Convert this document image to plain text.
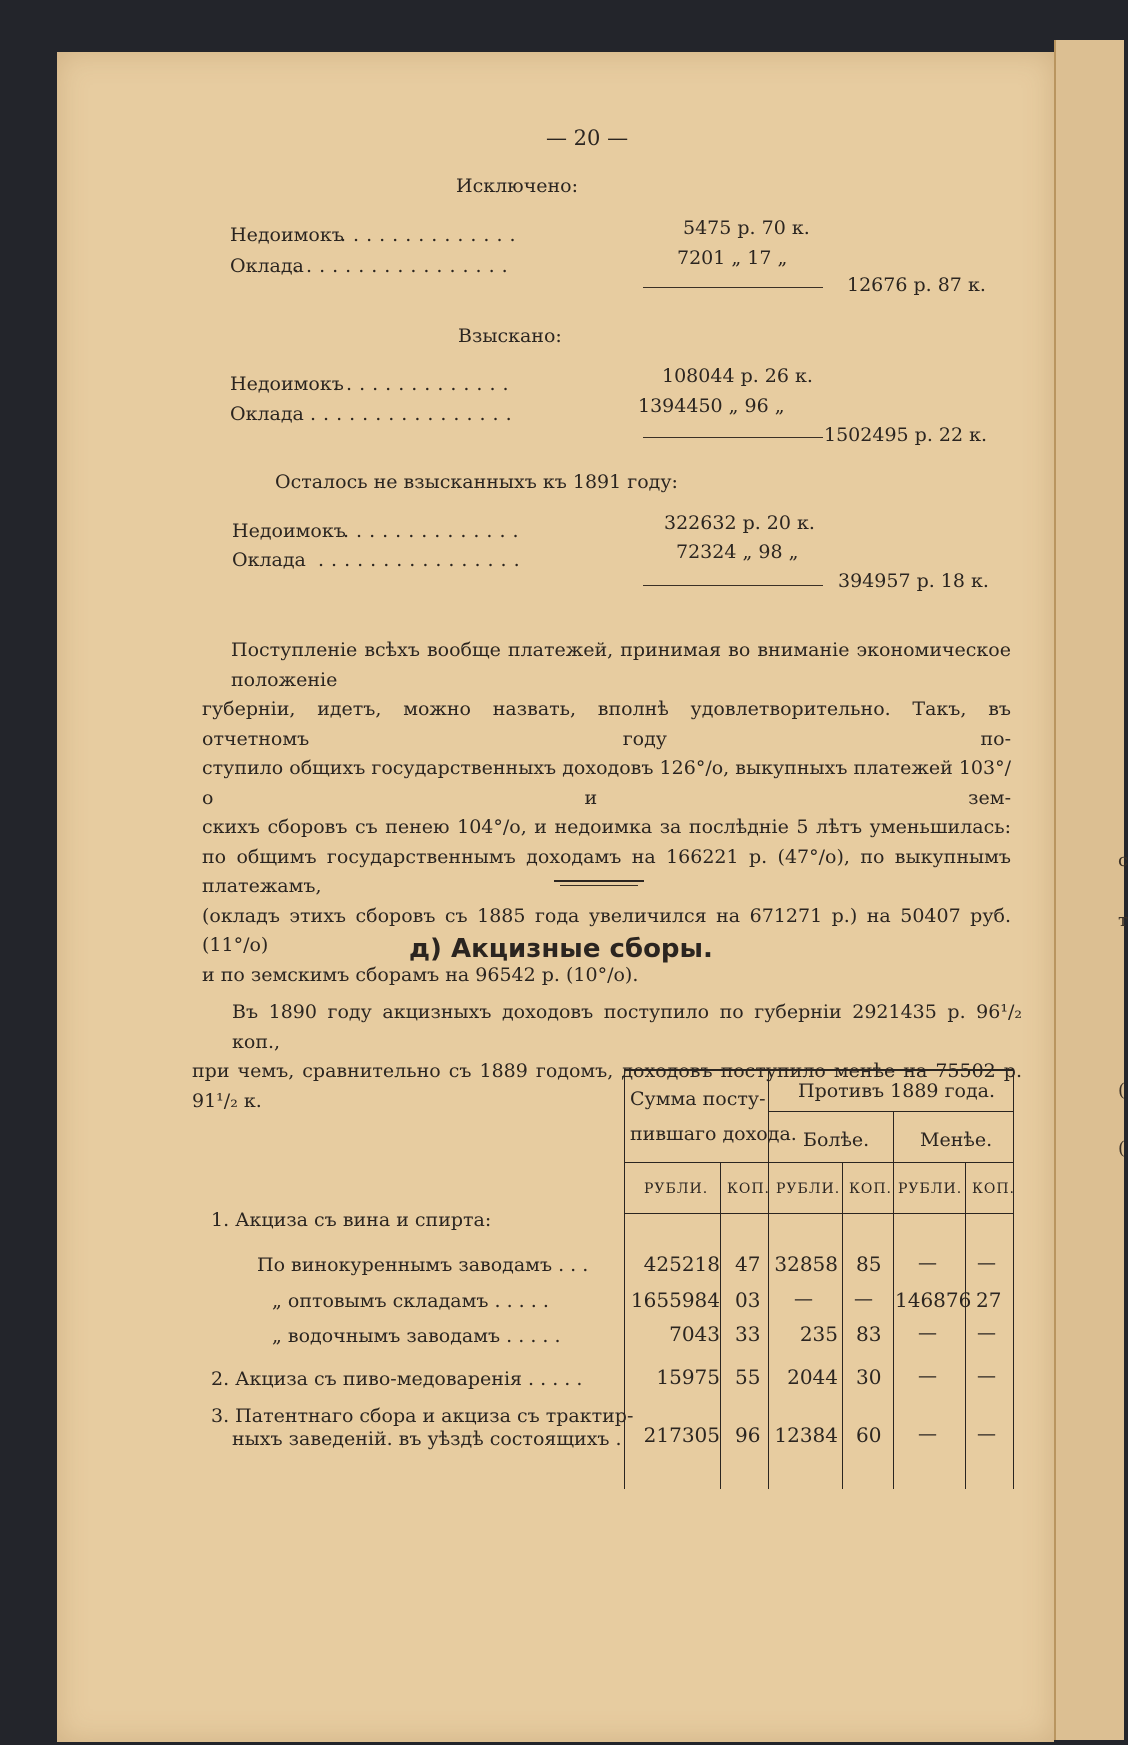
с
т
(
(
— 20 —
Исключено:
Недоимокъ
..............	5475 р. 70 к.
Оклада
.................	7201 „ 17 „
12676 р. 87 к.
Взыскано:
Недоимокъ
..............	108044 р. 26 к.
Оклада ................	1394450 „ 96 „
1502495 р. 22 к.
Осталось не взысканныхъ къ 1891 году:
Недоимокъ
..............	322632 р. 20 к.
Оклада ................	72324 „ 98 „
394957 р. 18 к.
Поступленіе всѣхъ вообще платежей, принимая во вниманіе экономическое положеніе
губерніи, идетъ, можно назвать, вполнѣ удовлетворительно. Такъ, въ отчетномъ году по-
ступило общихъ государственныхъ доходовъ 126°/о, выкупныхъ платежей 103°/о и зем-
скихъ сборовъ съ пенею 104°/о, и недоимка за послѣдніе 5 лѣтъ уменьшилась:
по общимъ государственнымъ доходамъ на 166221 р. (47°/о), по выкупнымъ платежамъ,
(окладъ этихъ сборовъ съ 1885 года увеличился на 671271 р.) на 50407 руб. (11°/о)
и по земскимъ сборамъ на 96542 р. (10°/о).
д) Акцизные сборы.
Въ 1890 году акцизныхъ доходовъ поступило по губерніи 2921435 р. 96¹/₂ коп.,
при чемъ, сравнительно съ 1889 годомъ, доходовъ поступило менѣе на 75502 р. 91¹/₂ к.	Сумма посту-
пившаго дохода.
Противъ 1889 года.
Болѣе.	Менѣе.
РУБЛИ. КОП. РУБЛИ. КОП. РУБЛИ. КОП.
1. Акциза съ вина и спирта:
По винокуреннымъ заводамъ . . .	425218 47 32858 85 — —
„ оптовымъ складамъ . . . . .	1655984 03 — — 146876 27
„ водочнымъ заводамъ . . . . .	7043 33	235 83 — —
2. Акциза съ пиво-медоваренія . . . . .	15975 55	2044 30 — —
3. Патентнаго сбора и акциза съ трактир-
ныхъ заведеній. въ уѣздѣ состоящихъ .	217305 96 12384 60 — —
